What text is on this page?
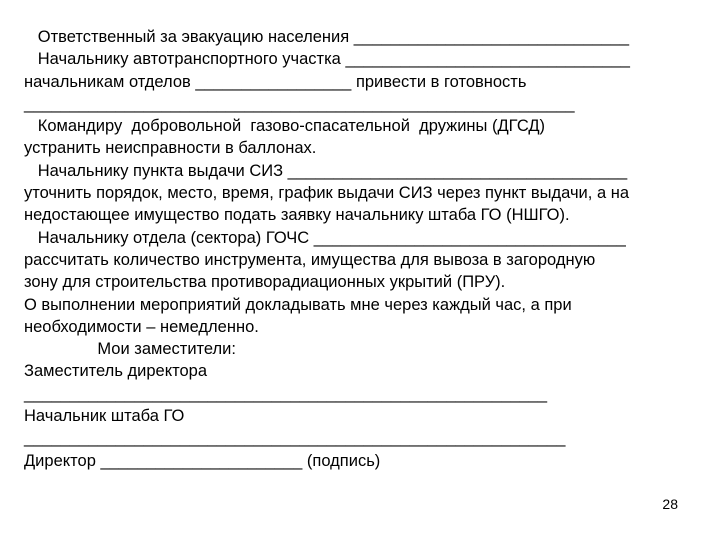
Ответственный за эвакуацию населения ______________________________
Начальнику автотранспортного участка _______________________________
начальникам отделов _________________ привести в готовность
____________________________________________________________
Командиру  добровольной  газово-спасательной  дружины (ДГСД)
устранить неисправности в баллонах.
Начальнику пункта выдачи СИЗ _____________________________________
уточнить порядок, место, время, график выдачи СИЗ через пункт выдачи, а на
недостающее имущество подать заявку начальнику штаба ГО (НШГО).
Начальнику отдела (сектора) ГОЧС __________________________________
рассчитать количество инструмента, имущества для вывоза в загородную
зону для строительства противорадиационных укрытий (ПРУ).
О выполнении мероприятий докладывать мне через каждый час, а при
необходимости – немедленно.
Мои заместители:
Заместитель директора
_________________________________________________________
Начальник штаба ГО
___________________________________________________________
Директор ______________________ (подпись)
28
